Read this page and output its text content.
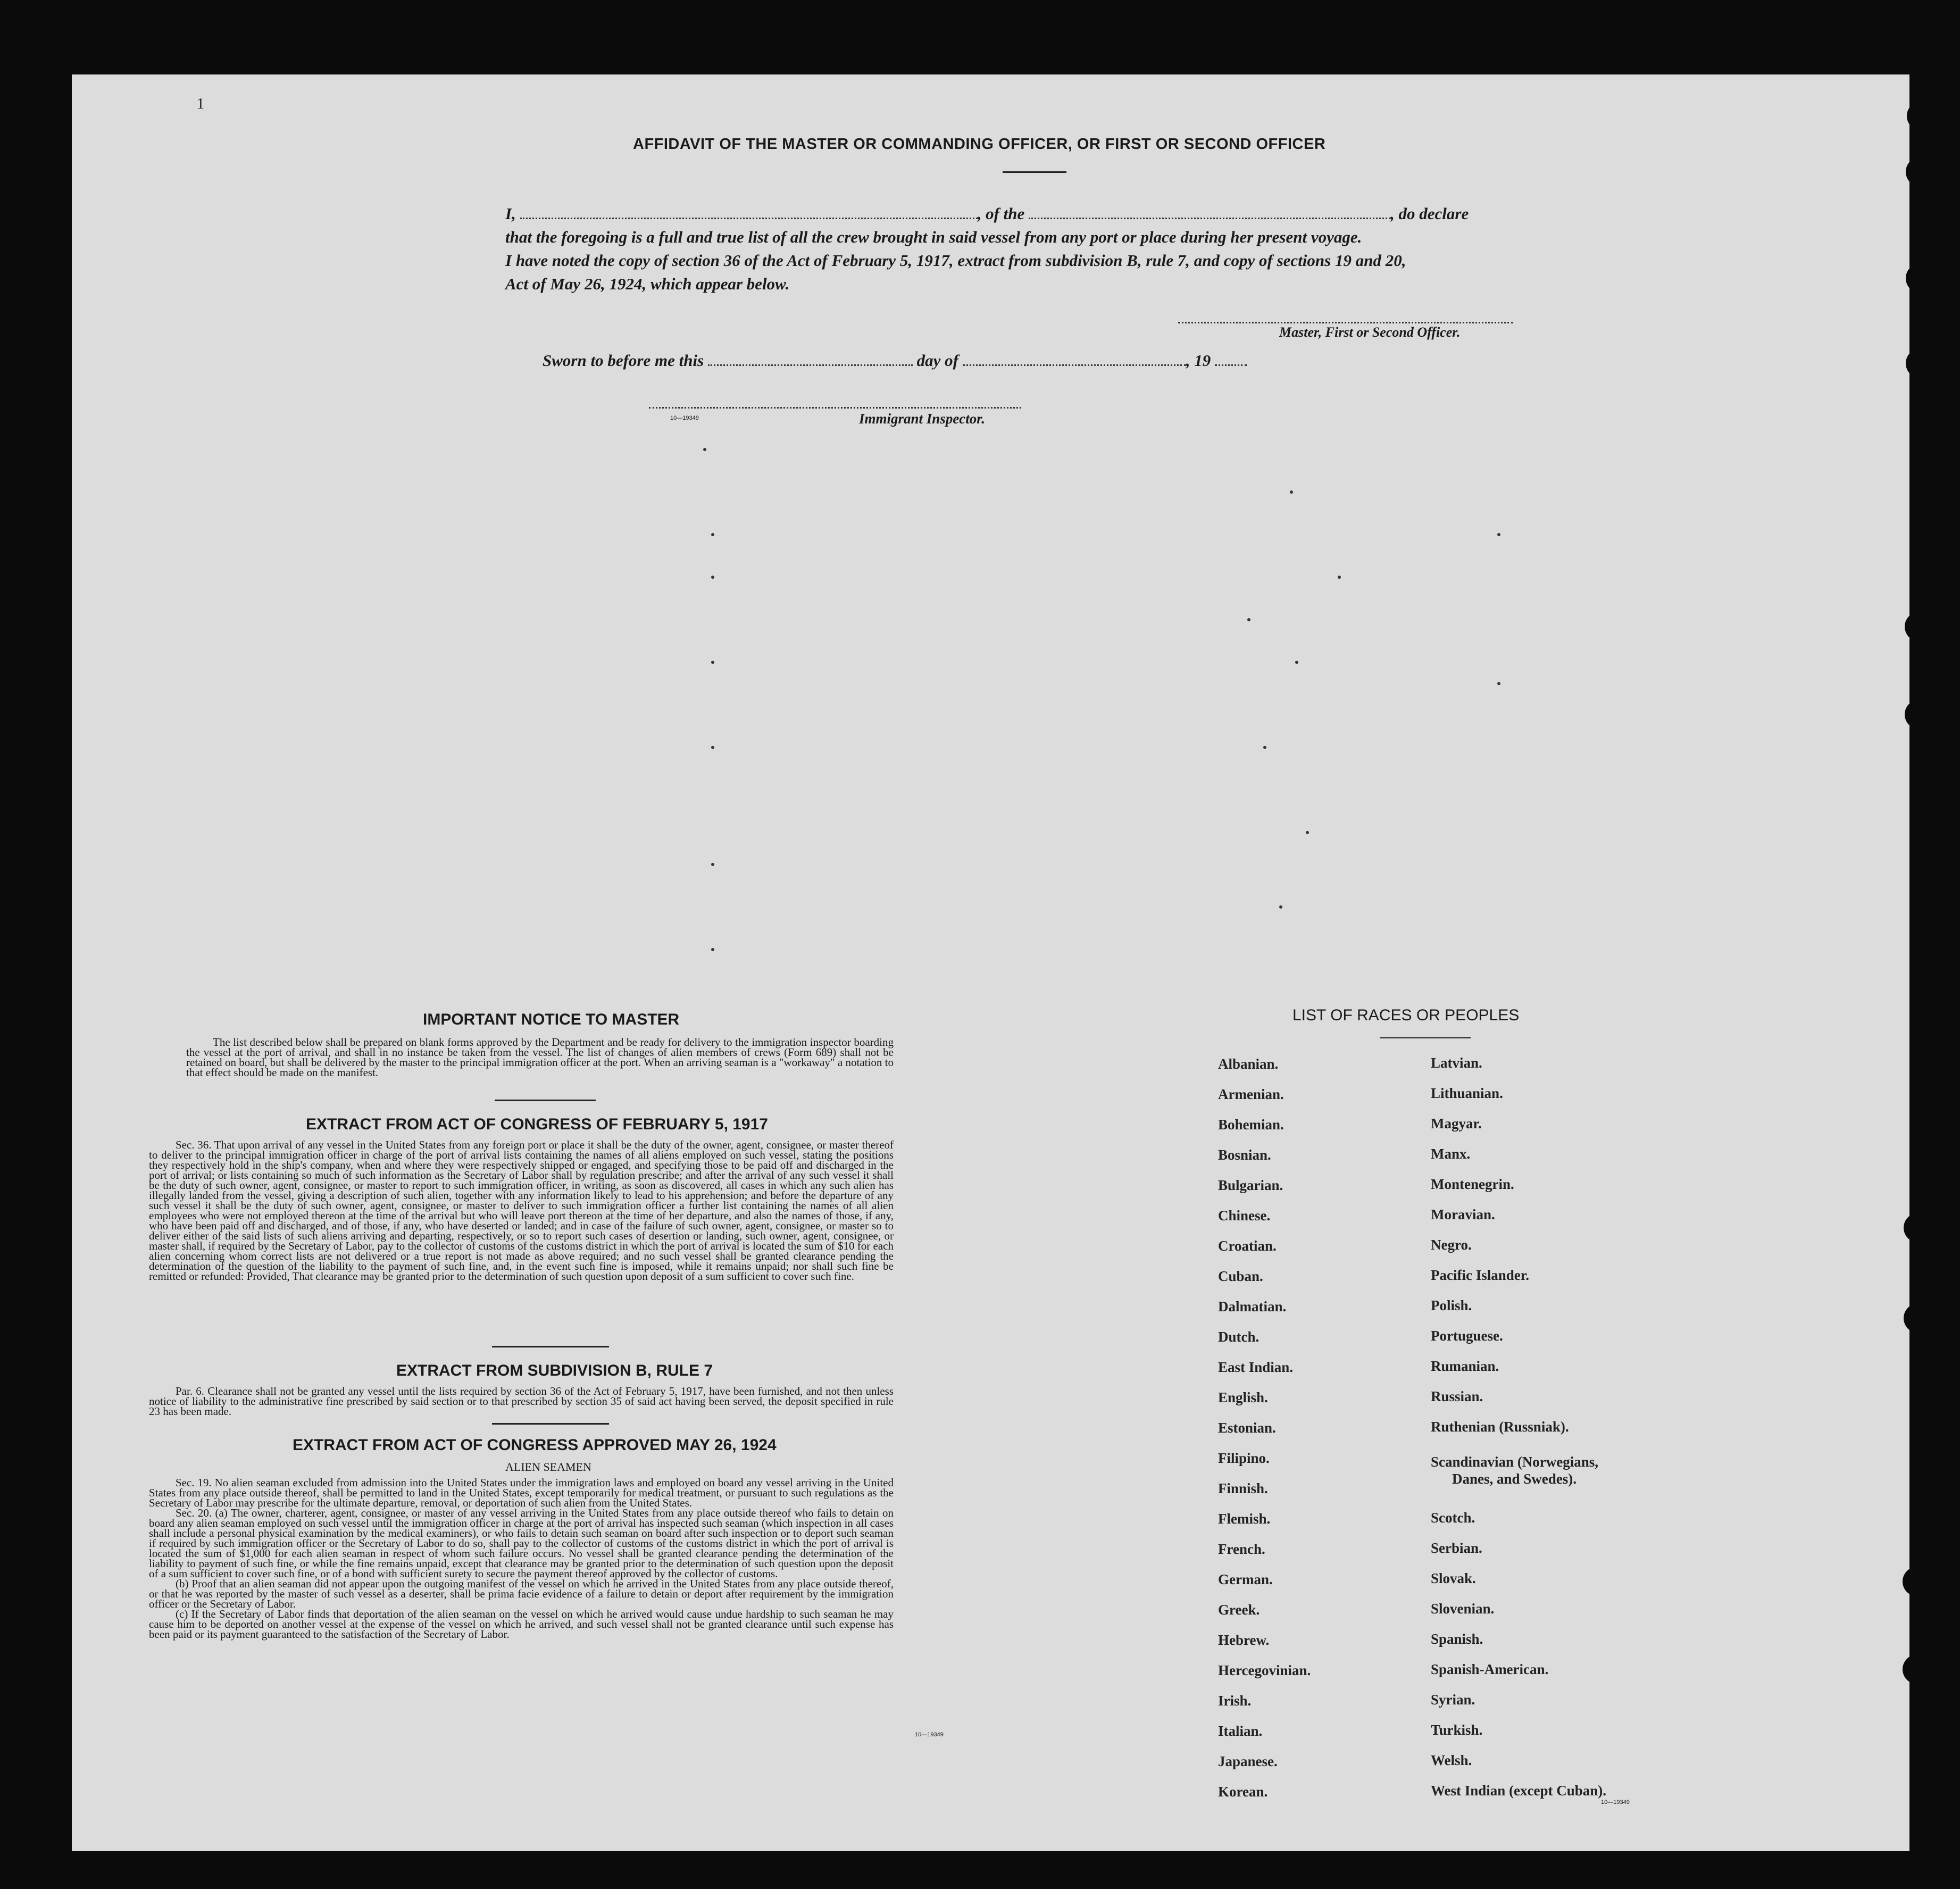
1
AFFIDAVIT OF THE MASTER OR COMMANDING OFFICER, OR FIRST OR SECOND OFFICER
I,	, of the	, do declare
that the foregoing is a full and true list of all the crew brought in said vessel from any port or place during her present voyage.
I have noted the copy of section 36 of the Act of February 5, 1917, extract from subdivision B, rule 7, and copy of sections 19 and 20,
Act of May 26, 1924, which appear below.
Master, First or Second Officer.
Sworn to before me this	day of	, 19
10—19349	Immigrant Inspector.
IMPORTANT NOTICE TO MASTER

The list described below shall be prepared on blank forms approved by the Department and be ready for delivery to the immigration inspector boarding the vessel at the port of arrival, and shall in no instance be taken from the vessel. The list of changes of alien members of crews (Form 689) shall not be retained on board, but shall be delivered by the master to the principal immigration officer at the port. When an arriving seaman is a "workaway" a notation to that effect should be made on the manifest.

EXTRACT FROM ACT OF CONGRESS OF FEBRUARY 5, 1917

Sec. 36. That upon arrival of any vessel in the United States from any foreign port or place it shall be the duty of the owner, agent, consignee, or master thereof to deliver to the principal immigration officer in charge of the port of arrival lists containing the names of all aliens employed on such vessel, stating the positions they respectively hold in the ship's company, when and where they were respectively shipped or engaged, and specifying those to be paid off and discharged in the port of arrival; or lists containing so much of such information as the Secretary of Labor shall by regulation prescribe; and after the arrival of any such vessel it shall be the duty of such owner, agent, consignee, or master to report to such immigration officer, in writing, as soon as discovered, all cases in which any such alien has illegally landed from the vessel, giving a description of such alien, together with any information likely to lead to his apprehension; and before the departure of any such vessel it shall be the duty of such owner, agent, consignee, or master to deliver to such immigration officer a further list containing the names of all alien employees who were not employed thereon at the time of the arrival but who will leave port thereon at the time of her departure, and also the names of those, if any, who have been paid off and discharged, and of those, if any, who have deserted or landed; and in case of the failure of such owner, agent, consignee, or master so to deliver either of the said lists of such aliens arriving and departing, respectively, or so to report such cases of desertion or landing, such owner, agent, consignee, or master shall, if required by the Secretary of Labor, pay to the collector of customs of the customs district in which the port of arrival is located the sum of $10 for each alien concerning whom correct lists are not delivered or a true report is not made as above required; and no such vessel shall be granted clearance pending the determination of the question of the liability to the payment of such fine, and, in the event such fine is imposed, while it remains unpaid; nor shall such fine be remitted or refunded: Provided, That clearance may be granted prior to the determination of such question upon deposit of a sum sufficient to cover such fine.

EXTRACT FROM SUBDIVISION B, RULE 7

Par. 6. Clearance shall not be granted any vessel until the lists required by section 36 of the Act of February 5, 1917, have been furnished, and not then unless notice of liability to the administrative fine prescribed by said section or to that prescribed by section 35 of said act having been served, the deposit specified in rule 23 has been made.

EXTRACT FROM ACT OF CONGRESS APPROVED MAY 26, 1924
ALIEN SEAMEN

Sec. 19. No alien seaman excluded from admission into the United States under the immigration laws and employed on board any vessel arriving in the United States from any place outside thereof, shall be permitted to land in the United States, except temporarily for medical treatment, or pursuant to such regulations as the Secretary of Labor may prescribe for the ultimate departure, removal, or deportation of such alien from the United States.

Sec. 20. (a) The owner, charterer, agent, consignee, or master of any vessel arriving in the United States from any place outside thereof who fails to detain on board any alien seaman employed on such vessel until the immigration officer in charge at the port of arrival has inspected such seaman (which inspection in all cases shall include a personal physical examination by the medical examiners), or who fails to detain such seaman on board after such inspection or to deport such seaman if required by such immigration officer or the Secretary of Labor to do so, shall pay to the collector of customs of the customs district in which the port of arrival is located the sum of $1,000 for each alien seaman in respect of whom such failure occurs. No vessel shall be granted clearance pending the determination of the liability to payment of such fine, or while the fine remains unpaid, except that clearance may be granted prior to the determination of such question upon the deposit of a sum sufficient to cover such fine, or of a bond with sufficient surety to secure the payment thereof approved by the collector of customs.

(b) Proof that an alien seaman did not appear upon the outgoing manifest of the vessel on which he arrived in the United States from any place outside thereof, or that he was reported by the master of such vessel as a deserter, shall be prima facie evidence of a failure to detain or deport after requirement by the immigration officer or the Secretary of Labor.

(c) If the Secretary of Labor finds that deportation of the alien seaman on the vessel on which he arrived would cause undue hardship to such seaman he may cause him to be deported on another vessel at the expense of the vessel on which he arrived, and such vessel shall not be granted clearance until such expense has been paid or its payment guaranteed to the satisfaction of the Secretary of Labor.

10—19349
LIST OF RACES OR PEOPLES
Albanian.
Armenian.
Bohemian.
Bosnian.
Bulgarian.
Chinese.
Croatian.
Cuban.
Dalmatian.
Dutch.
East Indian.
English.
Estonian.
Filipino.
Finnish.
Flemish.
French.
German.
Greek.
Hebrew.
Hercegovinian.
Irish.
Italian.
Japanese.
Korean.
Latvian.
Lithuanian.
Magyar.
Manx.
Montenegrin.
Moravian.
Negro.
Pacific Islander.
Polish.
Portuguese.
Rumanian.
Russian.
Ruthenian (Russniak).
Scandinavian (Norwegians,
Danes, and Swedes).
Scotch.
Serbian.
Slovak.
Slovenian.
Spanish.
Spanish-American.
Syrian.
Turkish.
Welsh.
West Indian (except Cuban).
10—19349
